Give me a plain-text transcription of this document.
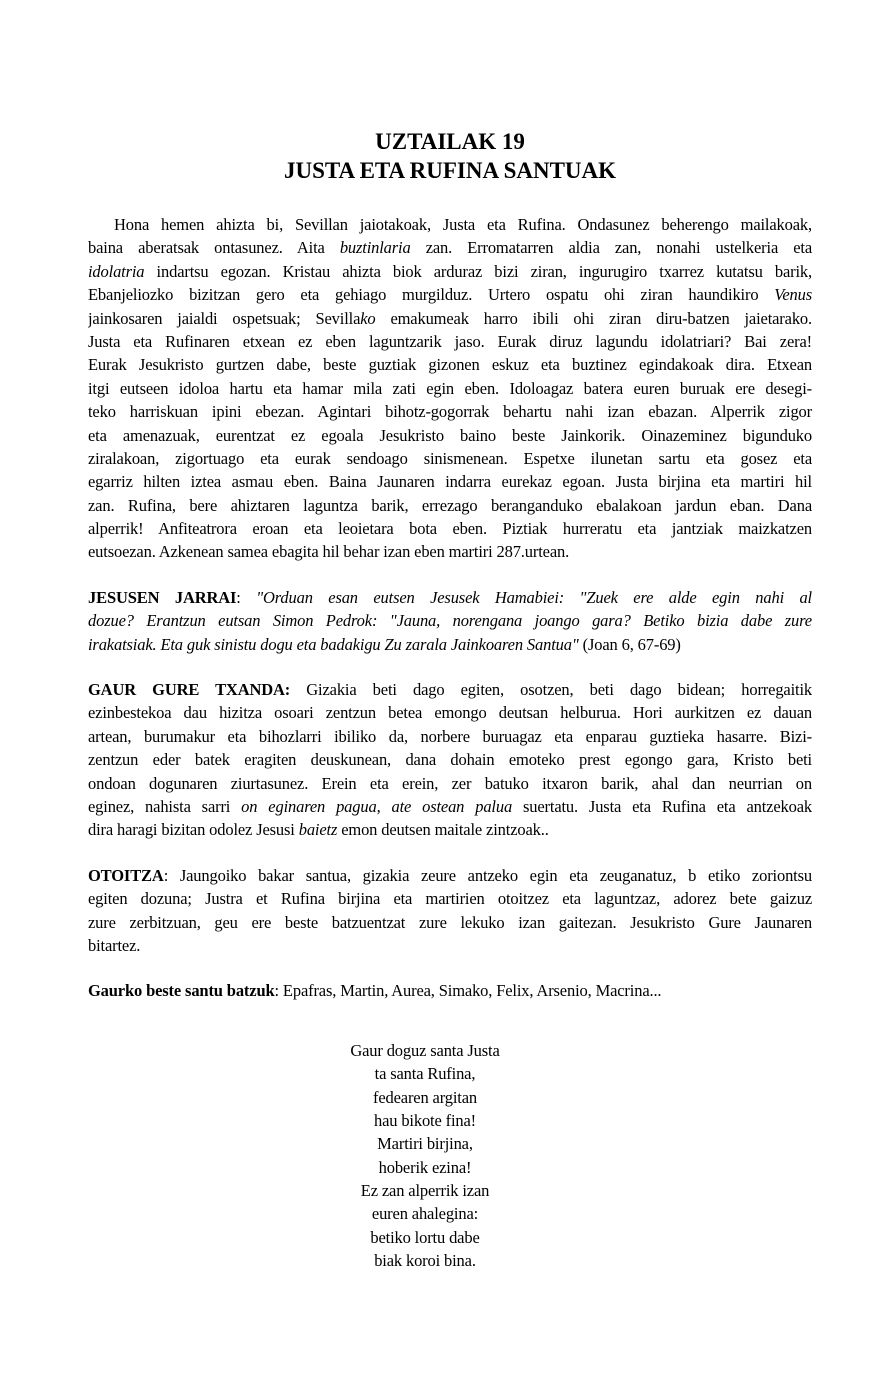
UZTAILAK 19
JUSTA ETA RUFINA SANTUAK
Hona hemen ahizta bi, Sevillan jaiotakoak, Justa eta Rufina. Ondasunez beherengo mailakoak,
baina aberatsak ontasunez. Aita buztinlaria zan. Erromatarren aldia zan, nonahi ustelkeria eta
idolatria indartsu egozan. Kristau ahizta biok arduraz bizi ziran, ingurugiro txarrez kutatsu barik,
Ebanjeliozko bizitzan gero eta gehiago murgilduz. Urtero ospatu ohi ziran haundikiro Venus
jainkosaren jaialdi ospetsuak; Sevillako emakumeak harro ibili ohi ziran diru-batzen jaietarako.
Justa eta Rufinaren etxean ez eben laguntzarik jaso. Eurak diruz lagundu idolatriari? Bai zera!
Eurak Jesukristo gurtzen dabe, beste guztiak gizonen eskuz eta buztinez egindakoak dira. Etxean
itgi eutseen idoloa hartu eta hamar mila zati egin eben. Idoloagaz batera euren buruak ere desegi-
teko harriskuan ipini ebezan. Agintari bihotz-gogorrak behartu nahi izan ebazan. Alperrik zigor
eta amenazuak, eurentzat ez egoala Jesukristo baino beste Jainkorik. Oinazeminez bigunduko
ziralakoan, zigortuago eta eurak sendoago sinismenean. Espetxe ilunetan sartu eta gosez eta
egarriz hilten iztea asmau eben. Baina Jaunaren indarra eurekaz egoan. Justa birjina eta martiri hil
zan. Rufina, bere ahiztaren laguntza barik, errezago beranganduko ebalakoan jardun eban. Dana
alperrik! Anfiteatrora eroan eta leoietara bota eben. Piztiak hurreratu eta jantziak maizkatzen
eutsoezan. Azkenean samea ebagita hil behar izan eben martiri 287.urtean.
JESUSEN JARRAI: "Orduan esan eutsen Jesusek Hamabiei: "Zuek ere alde egin nahi al
dozue? Erantzun eutsan Simon Pedrok: "Jauna, norengana joango gara? Betiko bizia dabe zure
irakatsiak. Eta guk sinistu dogu eta badakigu Zu zarala Jainkoaren Santua" (Joan 6, 67-69)
GAUR GURE TXANDA: Gizakia beti dago egiten, osotzen, beti dago bidean; horregaitik
ezinbestekoa dau hizitza osoari zentzun betea emongo deutsan helburua. Hori aurkitzen ez dauan
artean, burumakur eta bihozlarri ibiliko da, norbere buruagaz eta enparau guztieka hasarre. Bizi-
zentzun eder batek eragiten deuskunean, dana dohain emoteko prest egongo gara, Kristo beti
ondoan dogunaren ziurtasunez. Erein eta erein, zer batuko itxaron barik, ahal dan neurrian on
eginez, nahista sarri on eginaren pagua, ate ostean palua suertatu. Justa eta Rufina eta antzekoak
dira haragi bizitan odolez Jesusi baietz emon deutsen maitale zintzoak..
OTOITZA: Jaungoiko bakar santua, gizakia zeure antzeko egin eta zeuganatuz, b etiko zoriontsu
egiten dozuna; Justra et Rufina birjina eta martirien otoitzez eta laguntzaz, adorez bete gaizuz
zure zerbitzuan, geu ere beste batzuentzat zure lekuko izan gaitezan. Jesukristo Gure Jaunaren
bitartez.
Gaurko beste santu batzuk: Epafras, Martin, Aurea, Simako, Felix, Arsenio, Macrina...
Gaur doguz santa Justa
ta santa Rufina,
fedearen argitan
hau bikote fina!
Martiri birjina,
hoberik ezina!
Ez zan alperrik izan
euren ahalegina:
betiko lortu dabe
biak koroi bina.
